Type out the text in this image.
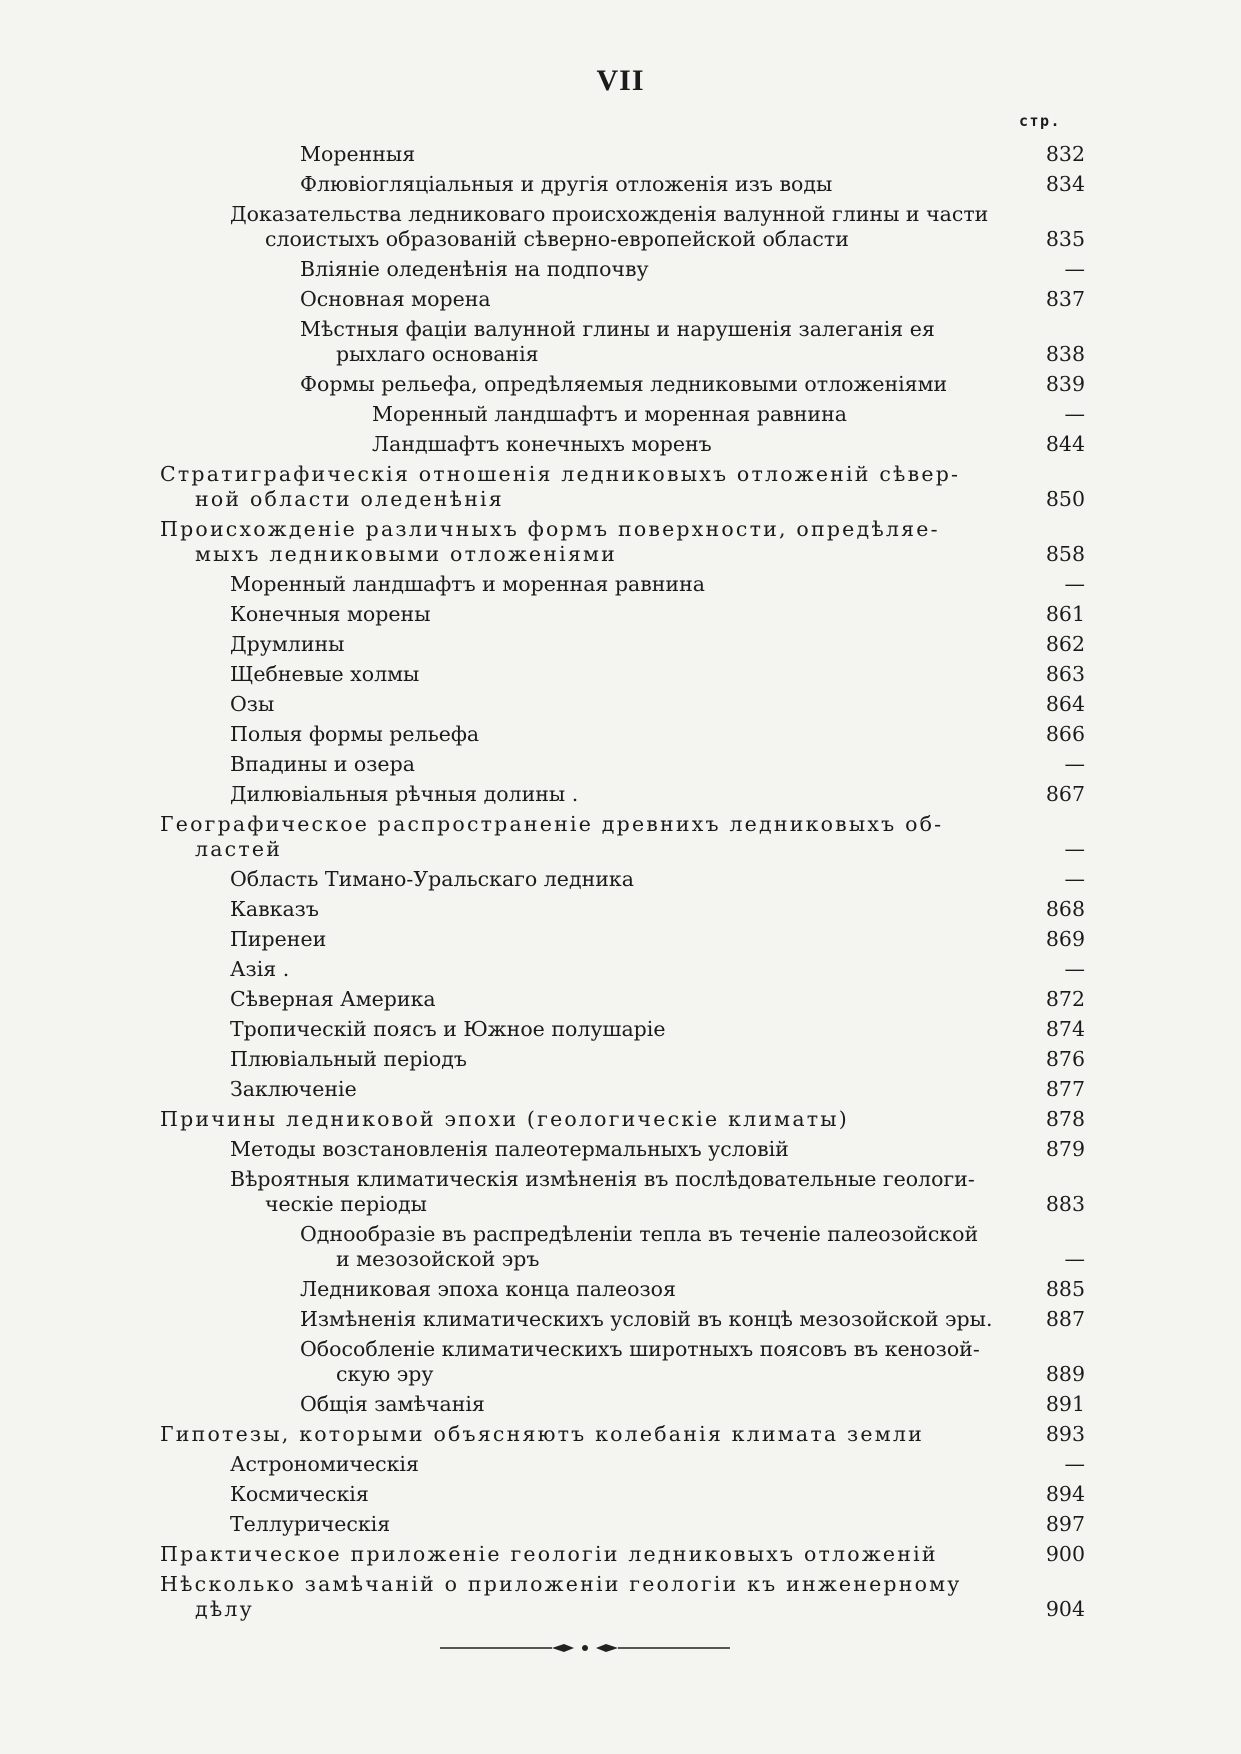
VII
стр.
Моренныя	832
Флювіогляціальныя и другія отложенія изъ воды	834
Доказательства ледниковаго происхожденія валунной глины и части
слоистыхъ образованій сѣверно-европейской области	835
Вліяніе оледенѣнія на подпочву	—
Основная морена	837
Мѣстныя фаціи валунной глины и нарушенія залеганія ея
рыхлаго основанія	838
Формы рельефа, опредѣляемыя ледниковыми отложеніями	839
Моренный ландшафтъ и моренная равнина	—
Ландшафтъ конечныхъ моренъ	844
Стратиграфическія отношенія ледниковыхъ отложеній сѣвер-
ной области оледенѣнія	850
Происхожденіе различныхъ формъ поверхности, опредѣляе-
мыхъ ледниковыми отложеніями	858
Моренный ландшафтъ и моренная равнина	—
Конечныя морены	861
Друмлины	862
Щебневые холмы	863
Озы	864
Полыя формы рельефа	866
Впадины и озера	—
Дилювіальныя рѣчныя долины .	867
Географическое распространеніе древнихъ ледниковыхъ об-
ластей	—
Область Тимано-Уральскаго ледника	—
Кавказъ	868
Пиренеи	869
Азія .	—
Сѣверная Америка	872
Тропическій поясъ и Южное полушаріе	874
Плювіальный періодъ	876
Заключеніе	877
Причины ледниковой эпохи (геологическіе климаты)	878
Методы возстановленія палеотермальныхъ условій	879
Вѣроятныя климатическія измѣненія въ послѣдовательные геологи-
ческіе періоды	883
Однообразіе въ распредѣленіи тепла въ теченіе палеозойской
и мезозойской эръ	—
Ледниковая эпоха конца палеозоя	885
Измѣненія климатическихъ условій въ концѣ мезозойской эры.	887
Обособленіе климатическихъ широтныхъ поясовъ въ кенозой-
скую эру	889
Общія замѣчанія	891
Гипотезы, которыми объясняютъ колебанія климата земли	893
Астрономическія	—
Космическія	894
Теллурическія	897
Практическое приложеніе геологіи ледниковыхъ отложеній	900
Нѣсколько замѣчаній о приложеніи геологіи къ инженерному
дѣлу	904
